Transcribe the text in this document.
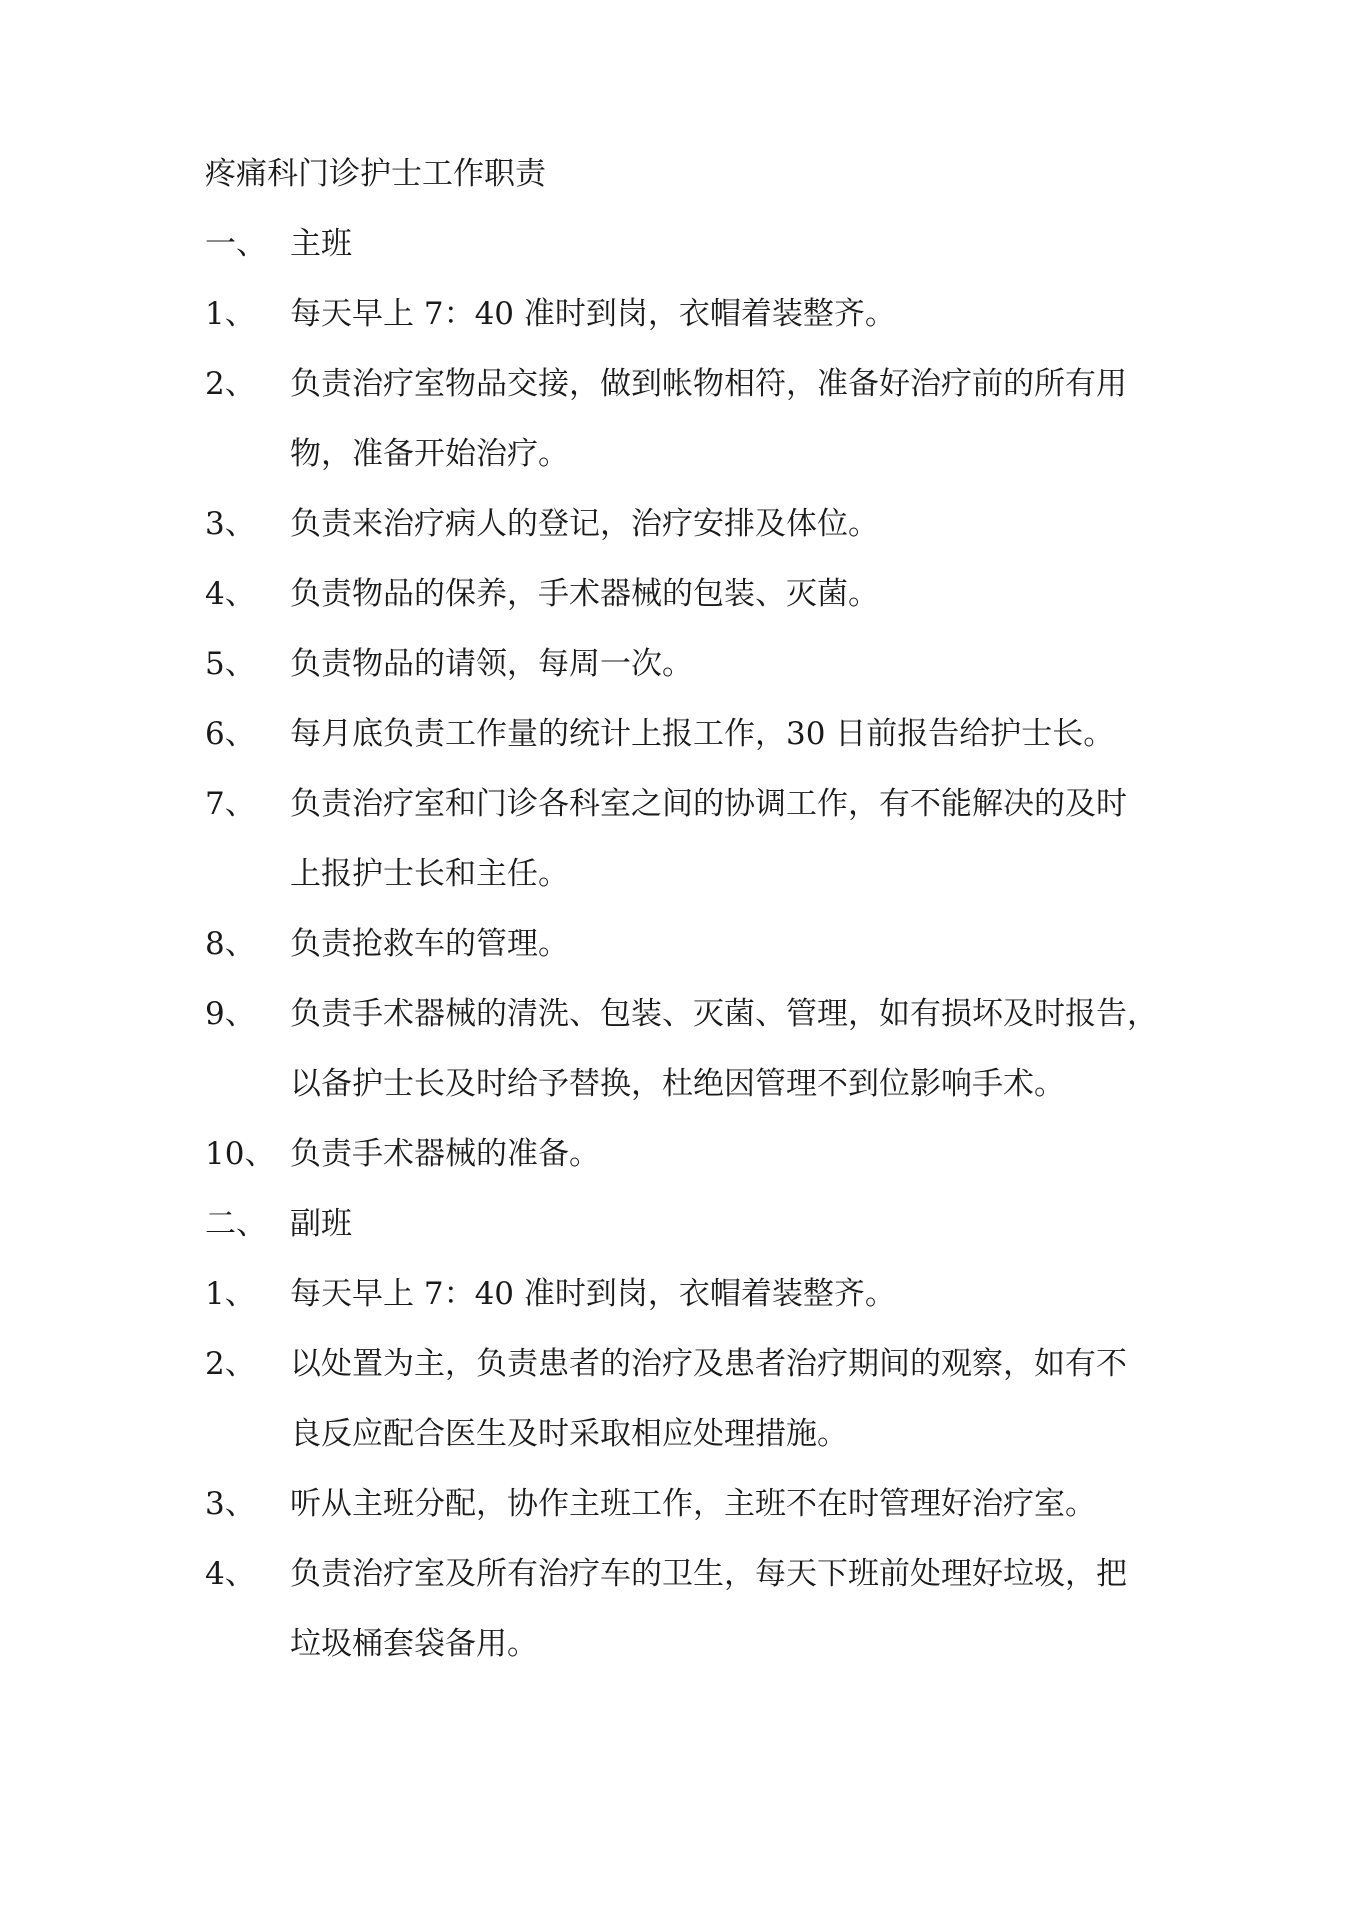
疼痛科门诊护士工作职责
一、 主班
1、 每天早上 7：40 准时到岗，衣帽着装整齐。
2、 负责治疗室物品交接，做到帐物相符，准备好治疗前的所有用
物，准备开始治疗。
3、 负责来治疗病人的登记，治疗安排及体位。
4、 负责物品的保养，手术器械的包装、灭菌。
5、 负责物品的请领，每周一次。
6、 每月底负责工作量的统计上报工作，30 日前报告给护士长。
7、 负责治疗室和门诊各科室之间的协调工作，有不能解决的及时
上报护士长和主任。
8、 负责抢救车的管理。
9、 负责手术器械的清洗、包装、灭菌、管理，如有损坏及时报告，
以备护士长及时给予替换，杜绝因管理不到位影响手术。
10、 负责手术器械的准备。
二、 副班
1、 每天早上 7：40 准时到岗，衣帽着装整齐。
2、 以处置为主，负责患者的治疗及患者治疗期间的观察，如有不
良反应配合医生及时采取相应处理措施。
3、 听从主班分配，协作主班工作，主班不在时管理好治疗室。
4、 负责治疗室及所有治疗车的卫生，每天下班前处理好垃圾，把
垃圾桶套袋备用。
